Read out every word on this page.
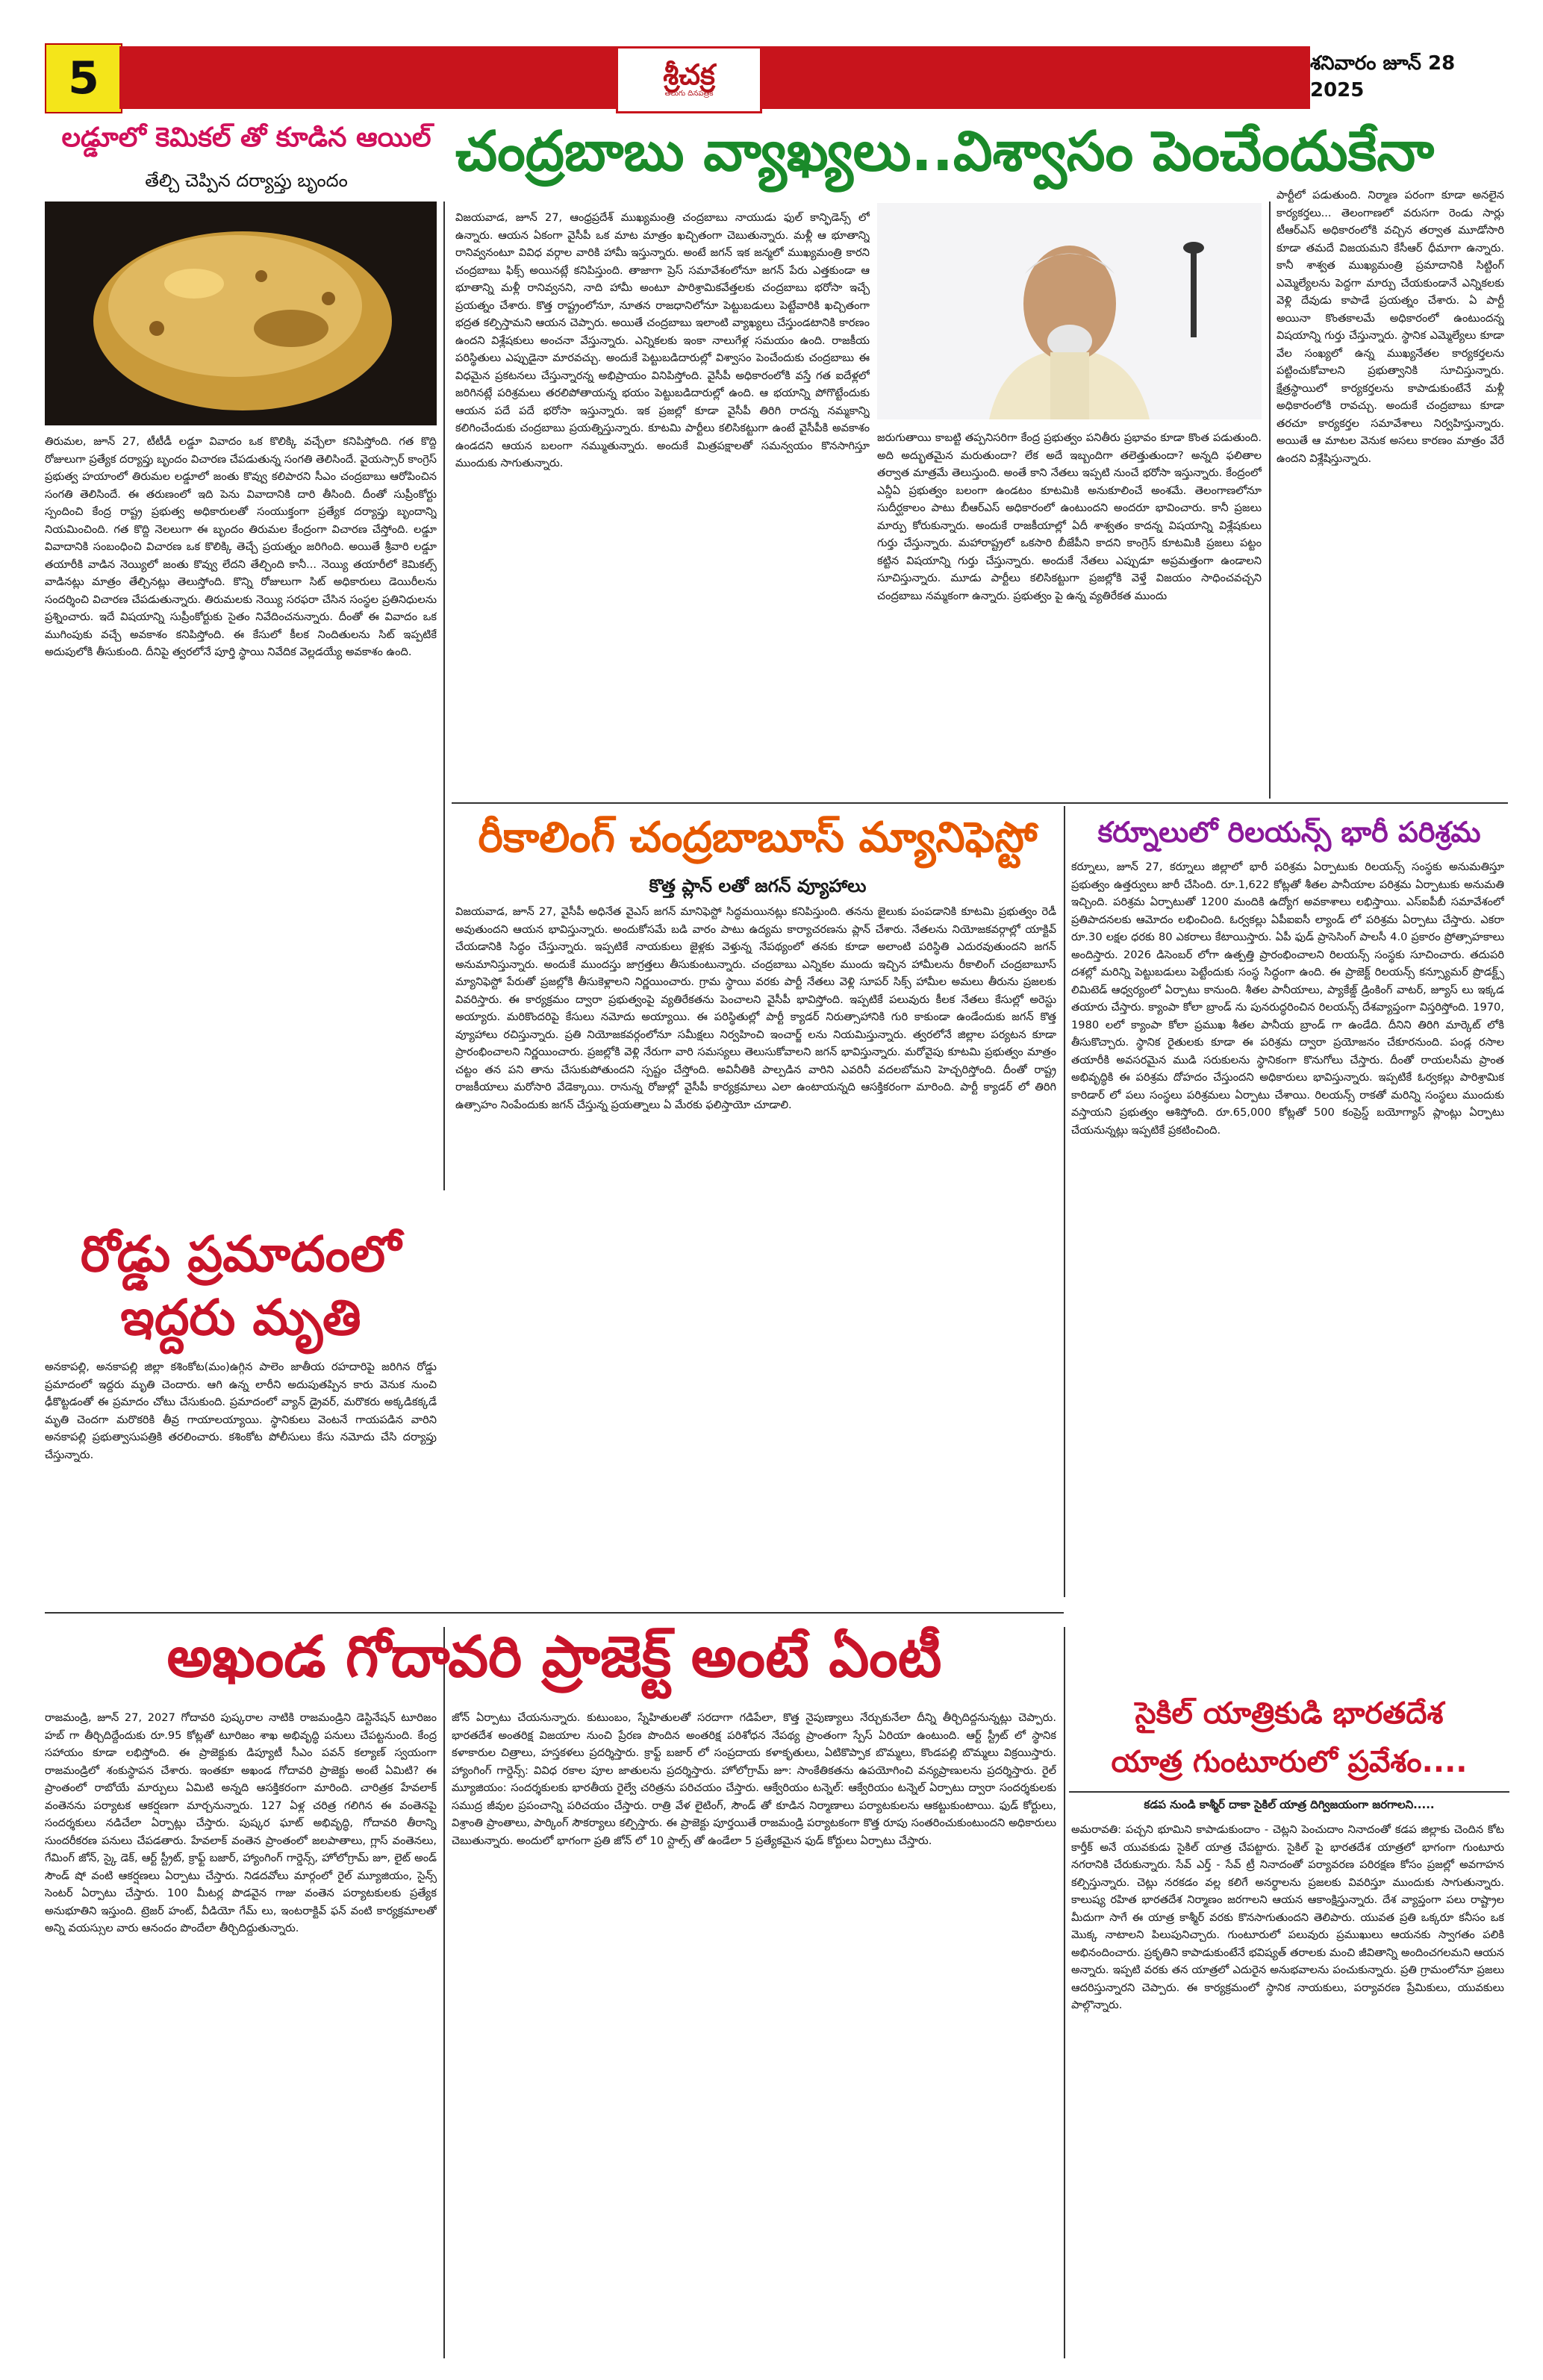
5	శ్రీచక్ర
తెలుగు దినపత్రిక
శనివారం జూన్ 28 2025
లడ్డూలో కెమికల్ తో కూడిన ఆయిల్
తేల్చి చెప్పిన దర్యాప్తు బృందం
తిరుమల, జూన్ 27, టీటీడీ లడ్డూ వివాదం ఒక కొలిక్కి వచ్చేలా కనిపిస్తోంది. గత కొద్ది రోజులుగా ప్రత్యేక దర్యాప్తు బృందం విచారణ చేపడుతున్న సంగతి తెలిసిందే. వైయస్సార్ కాంగ్రెస్ ప్రభుత్వ హయాంలో తిరుమల లడ్డూలో జంతు కొవ్వు కలిపారని సీఎం చంద్రబాబు ఆరోపించిన సంగతి తెలిసిందే. ఈ తరుణంలో ఇది పెను వివాదానికి దారి తీసింది. దీంతో సుప్రీంకోర్టు స్పందించి కేంద్ర రాష్ట్ర ప్రభుత్వ అధికారులతో సంయుక్తంగా ప్రత్యేక దర్యాప్తు బృందాన్ని నియమించింది. గత కొద్ది నెలలుగా ఈ బృందం తిరుమల కేంద్రంగా విచారణ చేస్తోంది. లడ్డూ వివాదానికి సంబంధించి విచారణ ఒక కొలిక్కి తెచ్చే ప్రయత్నం జరిగింది. అయితే శ్రీవారి లడ్డూ తయారీకి వాడిన నెయ్యిలో జంతు కొవ్వు లేదని తేల్చింది కానీ... నెయ్యి తయారీలో కెమికల్స్ వాడినట్లు మాత్రం తేల్చినట్లు తెలుస్తోంది. కొన్ని రోజులుగా సిట్ అధికారులు డెయిరీలను సందర్శించి విచారణ చేపడుతున్నారు. తిరుమలకు నెయ్యి సరఫరా చేసిన సంస్థల ప్రతినిధులను ప్రశ్నించారు. ఇదే విషయాన్ని సుప్రీంకోర్టుకు సైతం నివేదించనున్నారు. దీంతో ఈ వివాదం ఒక ముగింపుకు వచ్చే అవకాశం కనిపిస్తోంది. ఈ కేసులో కీలక నిందితులను సిట్ ఇప్పటికే అదుపులోకి తీసుకుంది. దీనిపై త్వరలోనే పూర్తి స్థాయి నివేదిక వెల్లడయ్యే అవకాశం ఉంది.
రోడ్డు ప్రమాదంలో
ఇద్దరు మృతి
అనకాపల్లి, అనకాపల్లి జిల్లా కశింకోట(మం)ఉగ్గిన పాలెం జాతీయ రహదారిపై జరిగిన రోడ్డు ప్రమాదంలో ఇద్దరు మృతి చెందారు. ఆగి ఉన్న లారీని అదుపుతప్పిన కారు వెనుక నుంచి ఢీకొట్టడంతో ఈ ప్రమాదం చోటు చేసుకుంది. ప్రమాదంలో వ్యాన్ డ్రైవర్, మరొకరు అక్కడికక్కడే మృతి చెందగా మరొకరికి తీవ్ర గాయాలయ్యాయి. స్థానికులు వెంటనే గాయపడిన వారిని అనకాపల్లి ప్రభుత్వాసుపత్రికి తరలించారు. కశింకోట పోలీసులు కేసు నమోదు చేసి దర్యాప్తు చేస్తున్నారు.
చంద్రబాబు వ్యాఖ్యలు..విశ్వాసం పెంచేందుకేనా
విజయవాడ, జూన్ 27, ఆంధ్రప్రదేశ్ ముఖ్యమంత్రి చంద్రబాబు నాయుడు ఫుల్ కాన్ఫిడెన్స్ లో ఉన్నారు. ఆయన ఏకంగా వైసీపీ ఒక మాట మాత్రం ఖచ్చితంగా చెబుతున్నారు. మళ్లీ ఆ భూతాన్ని రానివ్వనంటూ వివిధ వర్గాల వారికి హామీ ఇస్తున్నారు. అంటే జగన్ ఇక జన్మలో ముఖ్యమంత్రి కారని చంద్రబాబు ఫిక్స్ అయినట్లే కనిపిస్తుంది. తాజాగా ప్రెస్ సమావేశంలోనూ జగన్ పేరు ఎత్తకుండా ఆ భూతాన్ని మళ్లీ రానివ్వనని, నాది హామీ అంటూ పారిశ్రామికవేత్తలకు చంద్రబాబు భరోసా ఇచ్చే ప్రయత్నం చేశారు. కొత్త రాష్ట్రంలోనూ, నూతన రాజధానిలోనూ పెట్టుబడులు పెట్టేవారికి ఖచ్చితంగా భద్రత కల్పిస్తామని ఆయన చెప్పారు. అయితే చంద్రబాబు ఇలాంటి వ్యాఖ్యలు చేస్తుండటానికి కారణం ఉందని విశ్లేషకులు అంచనా వేస్తున్నారు. ఎన్నికలకు ఇంకా నాలుగేళ్ల సమయం ఉంది. రాజకీయ పరిస్థితులు ఎప్పుడైనా మారవచ్చు. అందుకే పెట్టుబడిదారుల్లో విశ్వాసం పెంచేందుకు చంద్రబాబు ఈ విధమైన ప్రకటనలు చేస్తున్నారన్న అభిప్రాయం వినిపిస్తోంది. వైసీపీ అధికారంలోకి వస్తే గత ఐదేళ్లలో జరిగినట్లే పరిశ్రమలు తరలిపోతాయన్న భయం పెట్టుబడిదారుల్లో ఉంది. ఆ భయాన్ని పోగొట్టేందుకు ఆయన పదే పదే భరోసా ఇస్తున్నారు. ఇక ప్రజల్లో కూడా వైసీపీ తిరిగి రాదన్న నమ్మకాన్ని కలిగించేందుకు చంద్రబాబు ప్రయత్నిస్తున్నారు. కూటమి పార్టీలు కలిసికట్టుగా ఉంటే వైసీపీకి అవకాశం ఉండదని ఆయన బలంగా నమ్ముతున్నారు. అందుకే మిత్రపక్షాలతో సమన్వయం కొనసాగిస్తూ ముందుకు సాగుతున్నారు.
జరుగుతాయి కాబట్టి తప్పనిసరిగా కేంద్ర ప్రభుత్వం పనితీరు ప్రభావం కూడా కొంత పడుతుంది. అది అద్భుతమైన మరుతుందా? లేక అదే ఇబ్బందిగా తలెత్తుతుందా? అన్నది ఫలితాల తర్వాత మాత్రమే తెలుస్తుంది. అంతే కాని నేతలు ఇప్పటి నుంచే భరోసా ఇస్తున్నారు. కేంద్రంలో ఎన్డీఏ ప్రభుత్వం బలంగా ఉండటం కూటమికి అనుకూలించే అంశమే. తెలంగాణలోనూ సుదీర్ఘకాలం పాటు బీఆర్ఎస్ అధికారంలో ఉంటుందని అందరూ భావించారు. కానీ ప్రజలు మార్పు కోరుకున్నారు. అందుకే రాజకీయాల్లో ఏదీ శాశ్వతం కాదన్న విషయాన్ని విశ్లేషకులు గుర్తు చేస్తున్నారు. మహారాష్ట్రలో ఒకసారి బీజేపీని కాదని కాంగ్రెస్ కూటమికి ప్రజలు పట్టం కట్టిన విషయాన్ని గుర్తు చేస్తున్నారు. అందుకే నేతలు ఎప్పుడూ అప్రమత్తంగా ఉండాలని సూచిస్తున్నారు. మూడు పార్టీలు కలిసికట్టుగా ప్రజల్లోకి వెళ్తే విజయం సాధించవచ్చని చంద్రబాబు నమ్మకంగా ఉన్నారు. ప్రభుత్వం పై ఉన్న వ్యతిరేకత ముందు
పార్టీలో పడుతుంది. నిర్మాణ పరంగా కూడా అనలైన కార్యకర్తలు... తెలంగాణలో వరుసగా రెండు సార్లు టీఆర్ఎస్ అధికారంలోకి వచ్చిన తర్వాత మూడోసారి కూడా తమదే విజయమని కేసీఆర్ ధీమాగా ఉన్నారు. కానీ శాశ్వత ముఖ్యమంత్రి ప్రమాదానికి సిట్టింగ్ ఎమ్మెల్యేలను పెద్దగా మార్పు చేయకుండానే ఎన్నికలకు వెళ్లి దేవుడు కాపాడే ప్రయత్నం చేశారు. ఏ పార్టీ అయినా కొంతకాలమే అధికారంలో ఉంటుందన్న విషయాన్ని గుర్తు చేస్తున్నారు. స్థానిక ఎమ్మెల్యేలు కూడా వేల సంఖ్యలో ఉన్న ముఖ్యనేతల కార్యకర్తలను పట్టించుకోవాలని ప్రభుత్వానికి సూచిస్తున్నారు. క్షేత్రస్థాయిలో కార్యకర్తలను కాపాడుకుంటేనే మళ్లీ అధికారంలోకి రావచ్చు. అందుకే చంద్రబాబు కూడా తరచూ కార్యకర్తల సమావేశాలు నిర్వహిస్తున్నారు. అయితే ఆ మాటల వెనుక అసలు కారణం మాత్రం వేరే ఉందని విశ్లేషిస్తున్నారు.
రీకాలింగ్ చంద్రబాబూస్ మ్యానిఫెస్టో
కొత్త ప్లాన్ లతో జగన్ వ్యూహాలు
విజయవాడ, జూన్ 27, వైసీపీ అధినేత వైఎస్ జగన్ మానిఫెస్టో సిద్ధమయినట్లు కనిపిస్తుంది. తనను జైలుకు పంపడానికి కూటమి ప్రభుత్వం రెడీ అవుతుందని ఆయన భావిస్తున్నారు. అందుకోసమే బడి వారం పాటు ఉద్యమ కార్యాచరణను ప్లాన్ చేశారు. నేతలను నియోజకవర్గాల్లో యాక్టివ్ చేయడానికి సిద్ధం చేస్తున్నారు. ఇప్పటికే నాయకులు జైళ్లకు వెళ్తున్న నేపథ్యంలో తనకు కూడా అలాంటి పరిస్థితి ఎదురవుతుందని జగన్ అనుమానిస్తున్నారు. అందుకే ముందస్తు జాగ్రత్తలు తీసుకుంటున్నారు. చంద్రబాబు ఎన్నికల ముందు ఇచ్చిన హామీలను రీకాలింగ్ చంద్రబాబూస్ మ్యానిఫెస్టో పేరుతో ప్రజల్లోకి తీసుకెళ్లాలని నిర్ణయించారు. గ్రామ స్థాయి వరకు పార్టీ నేతలు వెళ్లి సూపర్ సిక్స్ హామీల అమలు తీరును ప్రజలకు వివరిస్తారు. ఈ కార్యక్రమం ద్వారా ప్రభుత్వంపై వ్యతిరేకతను పెంచాలని వైసీపీ భావిస్తోంది. ఇప్పటికే పలువురు కీలక నేతలు కేసుల్లో అరెస్టు అయ్యారు. మరికొందరిపై కేసులు నమోదు అయ్యాయి. ఈ పరిస్థితుల్లో పార్టీ క్యాడర్ నిరుత్సాహానికి గురి కాకుండా ఉండేందుకు జగన్ కొత్త వ్యూహాలు రచిస్తున్నారు. ప్రతి నియోజకవర్గంలోనూ సమీక్షలు నిర్వహించి ఇంచార్జ్ లను నియమిస్తున్నారు. త్వరలోనే జిల్లాల పర్యటన కూడా ప్రారంభించాలని నిర్ణయించారు. ప్రజల్లోకి వెళ్లి నేరుగా వారి సమస్యలు తెలుసుకోవాలని జగన్ భావిస్తున్నారు. మరోవైపు కూటమి ప్రభుత్వం మాత్రం చట్టం తన పని తాను చేసుకుపోతుందని స్పష్టం చేస్తోంది. అవినీతికి పాల్పడిన వారిని ఎవరినీ వదలబోమని హెచ్చరిస్తోంది. దీంతో రాష్ట్ర రాజకీయాలు మరోసారి వేడెక్కాయి. రానున్న రోజుల్లో వైసీపీ కార్యక్రమాలు ఎలా ఉంటాయన్నది ఆసక్తికరంగా మారింది. పార్టీ క్యాడర్ లో తిరిగి ఉత్సాహం నింపేందుకు జగన్ చేస్తున్న ప్రయత్నాలు ఏ మేరకు ఫలిస్తాయో చూడాలి.
కర్నూలులో రిలయన్స్ భారీ పరిశ్రమ
కర్నూలు, జూన్ 27, కర్నూలు జిల్లాలో భారీ పరిశ్రమ ఏర్పాటుకు రిలయన్స్ సంస్థకు అనుమతిస్తూ ప్రభుత్వం ఉత్తర్వులు జారీ చేసింది. రూ.1,622 కోట్లతో శీతల పానీయాల పరిశ్రమ ఏర్పాటుకు అనుమతి ఇచ్చింది. పరిశ్రమ ఏర్పాటుతో 1200 మందికి ఉద్యోగ అవకాశాలు లభిస్తాయి. ఎస్ఐపీబీ సమావేశంలో ప్రతిపాదనలకు ఆమోదం లభించింది. ఓర్వకల్లు ఏపీఐఐసీ ల్యాండ్ లో పరిశ్రమ ఏర్పాటు చేస్తారు. ఎకరా రూ.30 లక్షల ధరకు 80 ఎకరాలు కేటాయిస్తారు. ఏపీ ఫుడ్ ప్రాసెసింగ్ పాలసీ 4.0 ప్రకారం ప్రోత్సాహకాలు అందిస్తారు. 2026 డిసెంబర్ లోగా ఉత్పత్తి ప్రారంభించాలని రిలయన్స్ సంస్థకు సూచించారు. తదుపరి దశల్లో మరిన్ని పెట్టుబడులు పెట్టేందుకు సంస్థ సిద్ధంగా ఉంది. ఈ ప్రాజెక్ట్ రిలయన్స్ కన్స్యూమర్ ప్రొడక్ట్స్ లిమిటెడ్ ఆధ్వర్యంలో ఏర్పాటు కానుంది. శీతల పానీయాలు, ప్యాకేజ్డ్ డ్రింకింగ్ వాటర్, జ్యూస్ లు ఇక్కడ తయారు చేస్తారు. క్యాంపా కోలా బ్రాండ్ ను పునరుద్ధరించిన రిలయన్స్ దేశవ్యాప్తంగా విస్తరిస్తోంది. 1970, 1980 లలో క్యాంపా కోలా ప్రముఖ శీతల పానీయ బ్రాండ్ గా ఉండేది. దీనిని తిరిగి మార్కెట్ లోకి తీసుకొచ్చారు. స్థానిక రైతులకు కూడా ఈ పరిశ్రమ ద్వారా ప్రయోజనం చేకూరనుంది. పండ్ల రసాల తయారీకి అవసరమైన ముడి సరుకులను స్థానికంగా కొనుగోలు చేస్తారు. దీంతో రాయలసీమ ప్రాంత అభివృద్ధికి ఈ పరిశ్రమ దోహదం చేస్తుందని అధికారులు భావిస్తున్నారు. ఇప్పటికే ఓర్వకల్లు పారిశ్రామిక కారిడార్ లో పలు సంస్థలు పరిశ్రమలు ఏర్పాటు చేశాయి. రిలయన్స్ రాకతో మరిన్ని సంస్థలు ముందుకు వస్తాయని ప్రభుత్వం ఆశిస్తోంది. రూ.65,000 కోట్లతో 500 కంప్రెస్డ్ బయోగ్యాస్ ప్లాంట్లు ఏర్పాటు చేయనున్నట్లు ఇప్పటికే ప్రకటించింది.
అఖండ గోదావరి ప్రాజెక్ట్ అంటే ఏంటీ
రాజమండ్రి, జూన్ 27, 2027 గోదావరి పుష్కరాల నాటికి రాజమండ్రిని డెస్టినేషన్ టూరిజం హబ్ గా తీర్చిదిద్దేందుకు రూ.95 కోట్లతో టూరిజం శాఖ అభివృద్ధి పనులు చేపట్టనుంది. కేంద్ర సహాయం కూడా లభిస్తోంది. ఈ ప్రాజెక్టుకు డిప్యూటీ సీఎం పవన్ కల్యాణ్ స్వయంగా రాజమండ్రిలో శంకుస్థాపన చేశారు. ఇంతకూ అఖండ గోదావరి ప్రాజెక్టు అంటే ఏమిటి? ఈ ప్రాంతంలో రాబోయే మార్పులు ఏమిటి అన్నది ఆసక్తికరంగా మారింది. చారిత్రక హేవలాక్ వంతెనను పర్యాటక ఆకర్షణగా మార్చనున్నారు. 127 ఏళ్ల చరిత్ర గలిగిన ఈ వంతెనపై సందర్శకులు నడిచేలా ఏర్పాట్లు చేస్తారు. పుష్కర ఘాట్ అభివృద్ధి, గోదావరి తీరాన్ని సుందరీకరణ పనులు చేపడతారు. హేవలాక్ వంతెన ప్రాంతంలో జలపాతాలు, గ్లాస్ వంతెనలు, గేమింగ్ జోన్, స్కై డెక్, ఆర్ట్ స్ట్రీట్, క్రాఫ్ట్ బజార్, హ్యాంగింగ్ గార్డెన్స్, హోలోగ్రామ్ జూ, లైట్ అండ్ సౌండ్ షో వంటి ఆకర్షణలు ఏర్పాటు చేస్తారు. నిడదవోలు మార్గంలో రైల్ మ్యూజియం, సైన్స్ సెంటర్ ఏర్పాటు చేస్తారు. 100 మీటర్ల పొడవైన గాజు వంతెన పర్యాటకులకు ప్రత్యేక అనుభూతిని ఇస్తుంది. ట్రెజర్ హంట్, వీడియో గేమ్ లు, ఇంటరాక్టివ్ ఫన్ వంటి కార్యక్రమాలతో అన్ని వయస్సుల వారు ఆనందం పొందేలా తీర్చిదిద్దుతున్నారు.
జోన్ ఏర్పాటు చేయనున్నారు. కుటుంబం, స్నేహితులతో సరదాగా గడిపేలా, కొత్త నైపుణ్యాలు నేర్చుకునేలా దీన్ని తీర్చిదిద్దనున్నట్లు చెప్పారు. భారతదేశ అంతరిక్ష విజయాల నుంచి ప్రేరణ పొందిన అంతరిక్ష పరిశోధన నేపథ్య ప్రాంతంగా స్పేస్ ఏరియా ఉంటుంది. ఆర్ట్ స్ట్రీట్ లో స్థానిక కళాకారుల చిత్రాలు, హస్తకళలు ప్రదర్శిస్తారు. క్రాఫ్ట్ బజార్ లో సంప్రదాయ కళాకృతులు, ఏటికొప్పాక బొమ్మలు, కొండపల్లి బొమ్మలు విక్రయిస్తారు. హ్యాంగింగ్ గార్డెన్స్: వివిధ రకాల పూల జాతులను ప్రదర్శిస్తారు. హోలోగ్రామ్ జూ: సాంకేతికతను ఉపయోగించి వన్యప్రాణులను ప్రదర్శిస్తారు. రైల్ మ్యూజియం: సందర్శకులకు భారతీయ రైల్వే చరిత్రను పరిచయం చేస్తారు. ఆక్వేరియం టన్నెల్: ఆక్వేరియం టన్నెల్ ఏర్పాటు ద్వారా సందర్శకులకు సముద్ర జీవుల ప్రపంచాన్ని పరిచయం చేస్తారు. రాత్రి వేళ లైటింగ్, సౌండ్ తో కూడిన నిర్మాణాలు పర్యాటకులను ఆకట్టుకుంటాయి. ఫుడ్ కోర్టులు, విశ్రాంతి ప్రాంతాలు, పార్కింగ్ సౌకర్యాలు కల్పిస్తారు. ఈ ప్రాజెక్టు పూర్తయితే రాజమండ్రి పర్యాటకంగా కొత్త రూపు సంతరించుకుంటుందని అధికారులు చెబుతున్నారు. అందులో భాగంగా ప్రతి జోన్ లో 10 స్టాల్స్ తో ఉండేలా 5 ప్రత్యేకమైన ఫుడ్ కోర్టులు ఏర్పాటు చేస్తారు.
సైకిల్ యాత్రికుడి భారతదేశ
యాత్ర గుంటూరులో ప్రవేశం....
కడప నుండి కాశ్మీర్ దాకా సైకిల్ యాత్ర దిగ్విజయంగా జరగాలని.....
అమరావతి: పచ్చని భూమిని కాపాడుకుందాం - చెట్లని పెంచుదాం నినాదంతో కడప జిల్లాకు చెందిన కోట కార్తీక్ అనే యువకుడు సైకిల్ యాత్ర చేపట్టారు. సైకిల్ పై భారతదేశ యాత్రలో భాగంగా గుంటూరు నగరానికి చేరుకున్నారు. సేవ్ ఎర్త్ - సేవ్ ట్రీ నినాదంతో పర్యావరణ పరిరక్షణ కోసం ప్రజల్లో అవగాహన కల్పిస్తున్నారు. చెట్లు నరకడం వల్ల కలిగే అనర్థాలను ప్రజలకు వివరిస్తూ ముందుకు సాగుతున్నారు. కాలుష్య రహిత భారతదేశ నిర్మాణం జరగాలని ఆయన ఆకాంక్షిస్తున్నారు. దేశ వ్యాప్తంగా పలు రాష్ట్రాల మీదుగా సాగే ఈ యాత్ర కాశ్మీర్ వరకు కొనసాగుతుందని తెలిపారు. యువత ప్రతి ఒక్కరూ కనీసం ఒక మొక్క నాటాలని పిలుపునిచ్చారు. గుంటూరులో పలువురు ప్రముఖులు ఆయనకు స్వాగతం పలికి అభినందించారు. ప్రకృతిని కాపాడుకుంటేనే భవిష్యత్ తరాలకు మంచి జీవితాన్ని అందించగలమని ఆయన అన్నారు. ఇప్పటి వరకు తన యాత్రలో ఎదురైన అనుభవాలను పంచుకున్నారు. ప్రతి గ్రామంలోనూ ప్రజలు ఆదరిస్తున్నారని చెప్పారు. ఈ కార్యక్రమంలో స్థానిక నాయకులు, పర్యావరణ ప్రేమికులు, యువకులు పాల్గొన్నారు.
